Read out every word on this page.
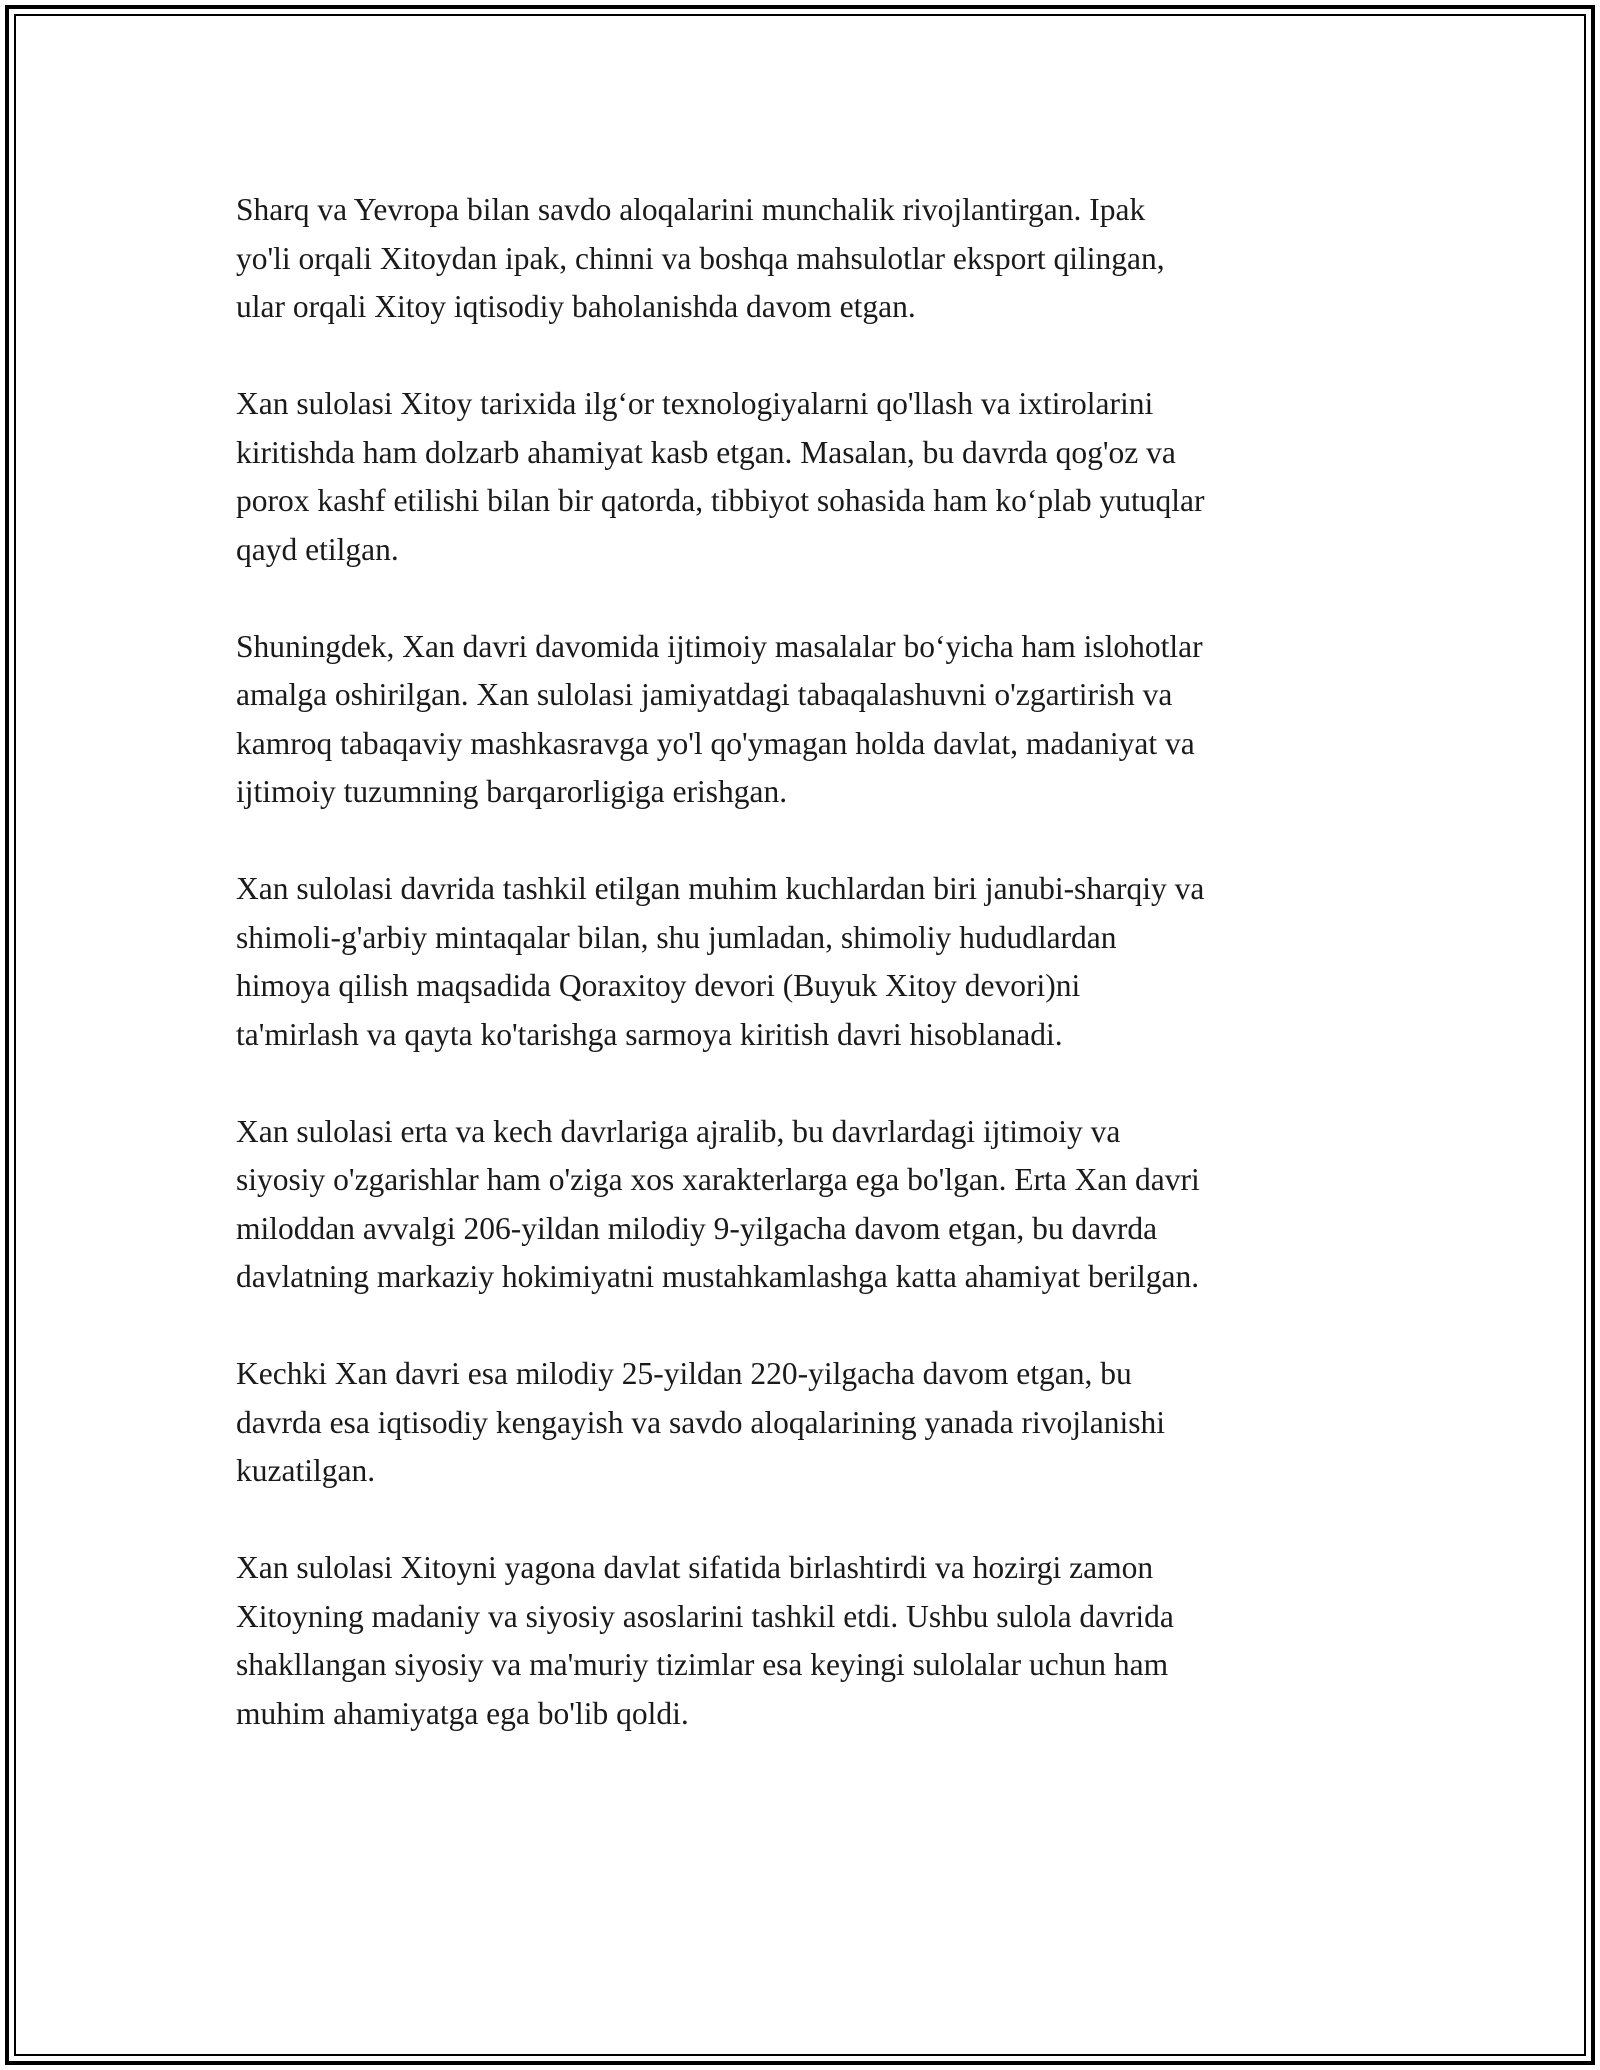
Sharq va Yevropa bilan savdo aloqalarini munchalik rivojlantirgan. Ipak
yo'li orqali Xitoydan ipak, chinni va boshqa mahsulotlar eksport qilingan,
ular orqali Xitoy iqtisodiy baholanishda davom etgan.

Xan sulolasi Xitoy tarixida ilg‘or texnologiyalarni qo'llash va ixtirolarini
kiritishda ham dolzarb ahamiyat kasb etgan. Masalan, bu davrda qog'oz va
porox kashf etilishi bilan bir qatorda, tibbiyot sohasida ham ko‘plab yutuqlar
qayd etilgan.

Shuningdek, Xan davri davomida ijtimoiy masalalar bo‘yicha ham islohotlar
amalga oshirilgan. Xan sulolasi jamiyatdagi tabaqalashuvni o'zgartirish va
kamroq tabaqaviy mashkasravga yo'l qo'ymagan holda davlat, madaniyat va
ijtimoiy tuzumning barqarorligiga erishgan.

Xan sulolasi davrida tashkil etilgan muhim kuchlardan biri janubi-sharqiy va
shimoli-g'arbiy mintaqalar bilan, shu jumladan, shimoliy hududlardan
himoya qilish maqsadida Qoraxitoy devori (Buyuk Xitoy devori)ni
ta'mirlash va qayta ko'tarishga sarmoya kiritish davri hisoblanadi.

Xan sulolasi erta va kech davrlariga ajralib, bu davrlardagi ijtimoiy va
siyosiy o'zgarishlar ham o'ziga xos xarakterlarga ega bo'lgan. Erta Xan davri
miloddan avvalgi 206-yildan milodiy 9-yilgacha davom etgan, bu davrda
davlatning markaziy hokimiyatni mustahkamlashga katta ahamiyat berilgan.

Kechki Xan davri esa milodiy 25-yildan 220-yilgacha davom etgan, bu
davrda esa iqtisodiy kengayish va savdo aloqalarining yanada rivojlanishi
kuzatilgan.

Xan sulolasi Xitoyni yagona davlat sifatida birlashtirdi va hozirgi zamon
Xitoyning madaniy va siyosiy asoslarini tashkil etdi. Ushbu sulola davrida
shakllangan siyosiy va ma'muriy tizimlar esa keyingi sulolalar uchun ham
muhim ahamiyatga ega bo'lib qoldi.
